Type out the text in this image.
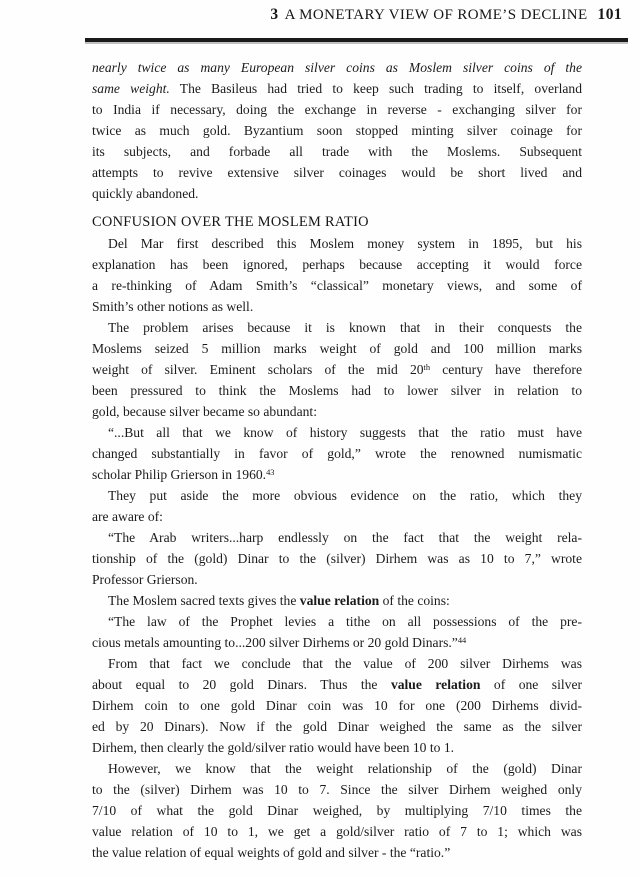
3 A MONETARY VIEW OF ROME’S DECLINE 101
nearly twice as many European silver coins as Moslem silver coins of the
same weight. The Basileus had tried to keep such trading to itself, overland
to India if necessary, doing the exchange in reverse - exchanging silver for
twice as much gold. Byzantium soon stopped minting silver coinage for
its subjects, and forbade all trade with the Moslems. Subsequent
attempts to revive extensive silver coinages would be short lived and
quickly abandoned.
CONFUSION OVER THE MOSLEM RATIO
Del Mar first described this Moslem money system in 1895, but his
explanation has been ignored, perhaps because accepting it would force
a re-thinking of Adam Smith’s “classical” monetary views, and some of
Smith’s other notions as well.
The problem arises because it is known that in their conquests the
Moslems seized 5 million marks weight of gold and 100 million marks
weight of silver. Eminent scholars of the mid 20th century have therefore
been pressured to think the Moslems had to lower silver in relation to
gold, because silver became so abundant:
“...But all that we know of history suggests that the ratio must have
changed substantially in favor of gold,” wrote the renowned numismatic
scholar Philip Grierson in 1960.43
They put aside the more obvious evidence on the ratio, which they
are aware of:
“The Arab writers...harp endlessly on the fact that the weight rela-
tionship of the (gold) Dinar to the (silver) Dirhem was as 10 to 7,” wrote
Professor Grierson.
The Moslem sacred texts gives the value relation of the coins:
“The law of the Prophet levies a tithe on all possessions of the pre-
cious metals amounting to...200 silver Dirhems or 20 gold Dinars.”$^{44}$
From that fact we conclude that the value of 200 silver Dirhems was
about equal to 20 gold Dinars. Thus the value relation of one silver
Dirhem coin to one gold Dinar coin was 10 for one (200 Dirhems divid-
ed by 20 Dinars). Now if the gold Dinar weighed the same as the silver
Dirhem, then clearly the gold/silver ratio would have been 10 to 1.
However, we know that the weight relationship of the (gold) Dinar
to the (silver) Dirhem was 10 to 7. Since the silver Dirhem weighed only
7/10 of what the gold Dinar weighed, by multiplying 7/10 times the
value relation of 10 to 1, we get a gold/silver ratio of 7 to 1; which was
the value relation of equal weights of gold and silver - the “ratio.”
